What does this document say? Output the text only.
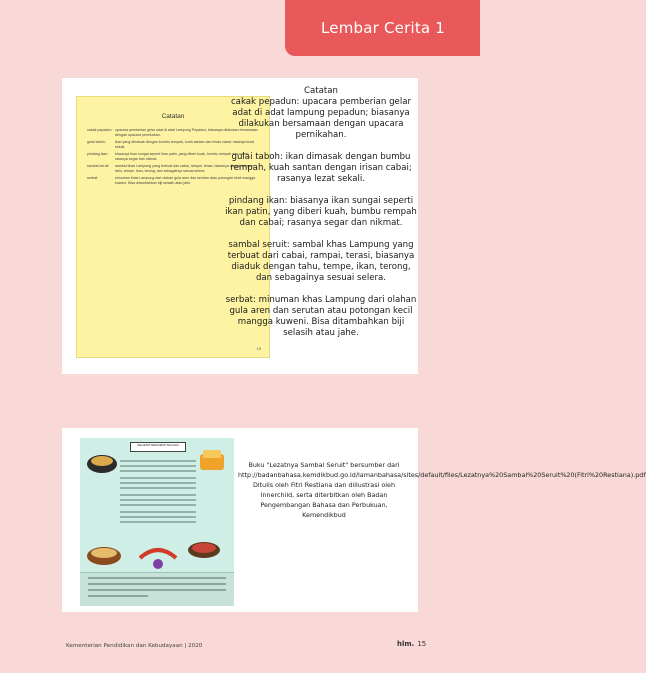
Lembar Cerita 1
Catatan
cakak pepadun: upacara pemberian gelar adat di adat Lampung Pepadun; biasanya dilakukan bersamaan dengan upacara pernikahan.
gulai taboh:	ikan yang dimasak dengan bumbu rempah, kuah santan dan irisan cabai; rasanya lezat sekali.
pindang ikan:	biasanya ikan sungai seperti ikan patin, yang diberi kuah, bumbu rempah dan cabai; rasanya segar dan nikmat.
sambal seruit:	sambal khas Lampung yang terbuat dari cabai, rampai, terasi, biasanya diaduk dengan tahu, tempe, ikan, terong, dan sebagainya sesuai selera.
serbat:	minuman khas Lampung dari olahan gula aren dan serutan atau potongan kecil mangga kuweni. Bisa ditambahkan biji selasih atau jahe.
15
Catatan
cakak pepadun: upacara pemberian gelar adat di adat lampung pepadun; biasanya dilakukan bersamaan dengan upacara pernikahan.
gulai taboh: ikan dimasak dengan bumbu rempah, kuah santan dengan irisan cabai; rasanya lezat sekali.
pindang ikan: biasanya ikan sungai seperti ikan patin, yang diberi kuah, bumbu rempah dan cabai; rasanya segar dan nikmat.
sambal seruit: sambal khas Lampung yang terbuat dari cabai, rampai, terasi, biasanya diaduk dengan tahu, tempe, ikan, terong, dan sebagainya sesuai selera.
serbat: minuman khas Lampung dari olahan gula aren dan serutan atau potongan kecil mangga kuweni. Bisa ditambahkan biji selasih atau jahe.
SELAMAT MENIKMATI BACAAN
Buku "Lezatnya Sambal Seruit" bersumber dari http://badanbahasa.kemdikbud.go.id/lamanbahasa/sites/default/files/Lezatnya%20Sambal%20Seruit%20(Fitri%20Restiana).pdf Ditulis oleh Fitri Restiana dan diilustrasi oleh Innerchild, serta diterbitkan oleh Badan Pengembangan Bahasa dan Perbukuan, Kemendikbud
Kementerian Pendidikan dan Kebudayaan | 2020	hlm. 15
